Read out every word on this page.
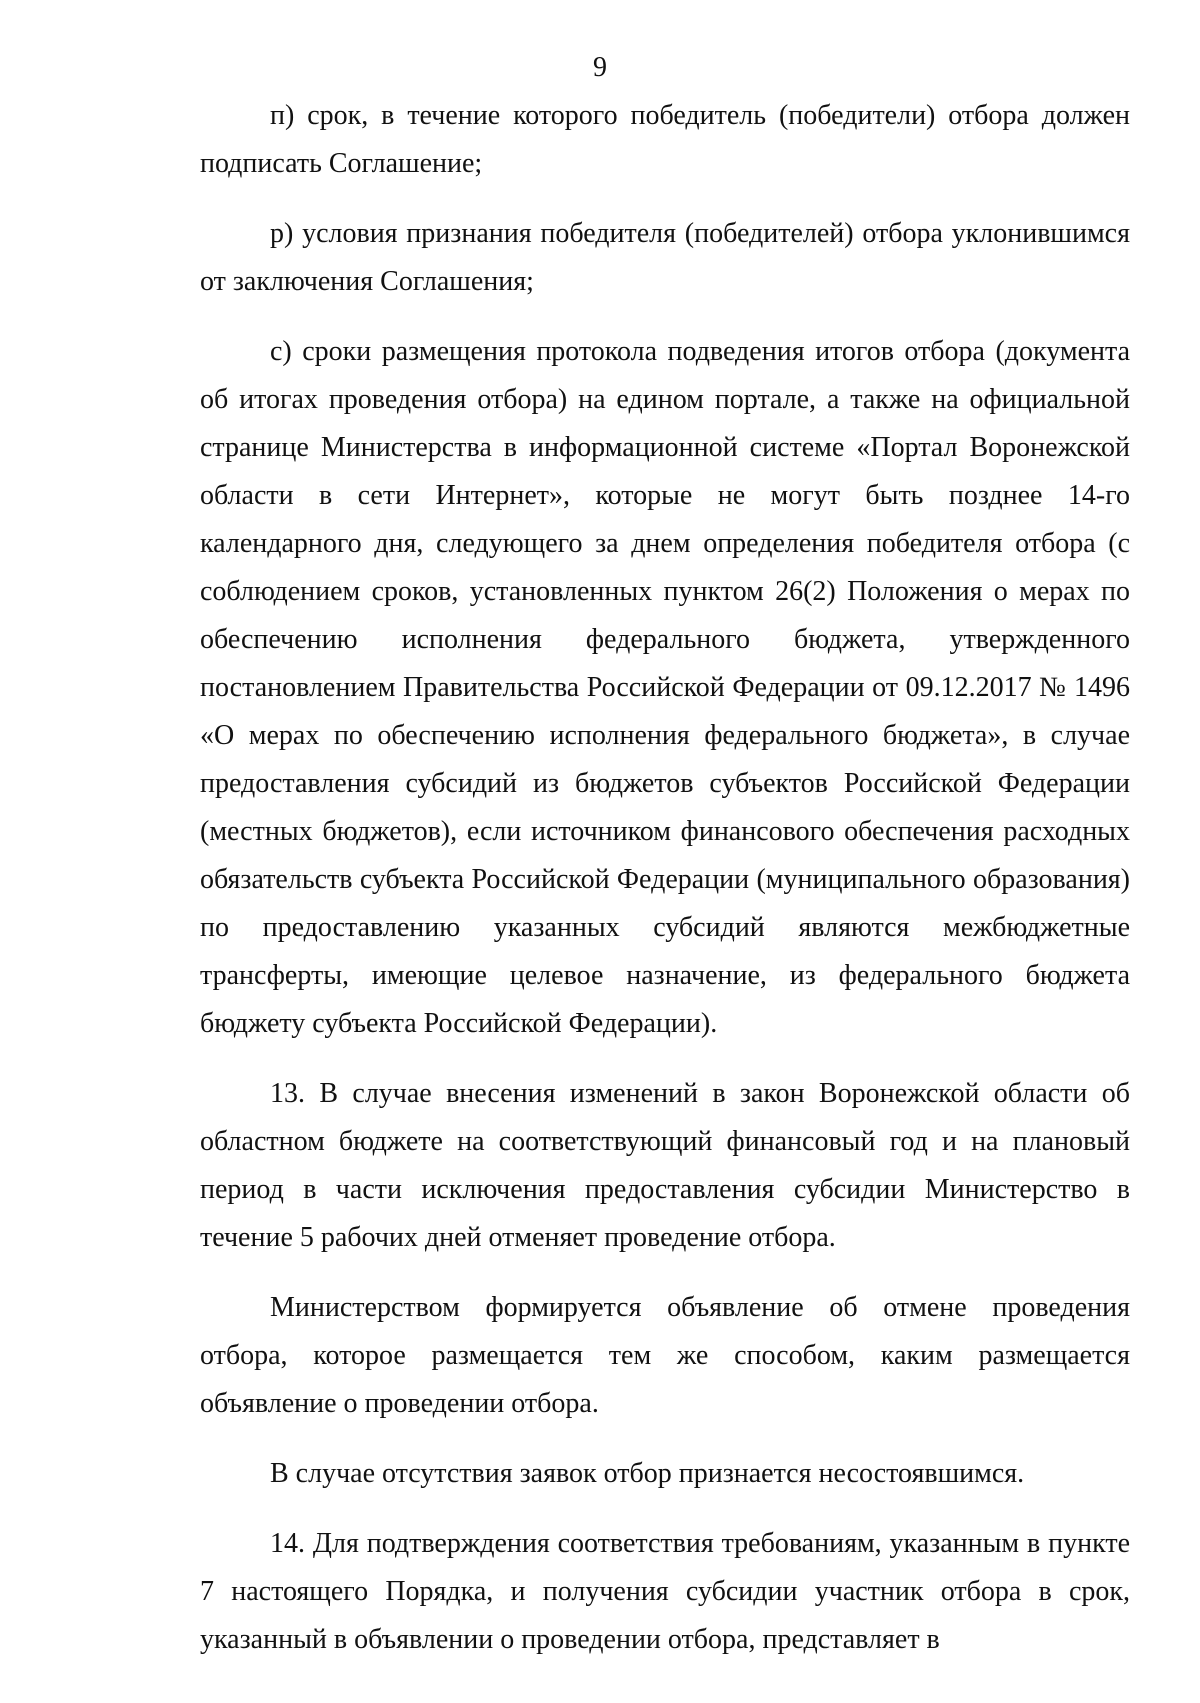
9

п) срок, в течение которого победитель (победители) отбора должен подписать Соглашение;

р) условия признания победителя (победителей) отбора уклонившимся от заключения Соглашения;

с) сроки размещения протокола подведения итогов отбора (документа об итогах проведения отбора) на едином портале, а также на официальной странице Министерства в информационной системе «Портал Воронежской области в сети Интернет», которые не могут быть позднее 14-го календарного дня, следующего за днем определения победителя отбора (с соблюдением сроков, установленных пунктом 26(2) Положения о мерах по обеспечению исполнения федерального бюджета, утвержденного постановлением Правительства Российской Федерации от 09.12.2017 № 1496 «О мерах по обеспечению исполнения федерального бюджета», в случае предоставления субсидий из бюджетов субъектов Российской Федерации (местных бюджетов), если источником финансового обеспечения расходных обязательств субъекта Российской Федерации (муниципального образования) по предоставлению указанных субсидий являются межбюджетные трансферты, имеющие целевое назначение, из федерального бюджета бюджету субъекта Российской Федерации).

13. В случае внесения изменений в закон Воронежской области об областном бюджете на соответствующий финансовый год и на плановый период в части исключения предоставления субсидии Министерство в течение 5 рабочих дней отменяет проведение отбора.

Министерством формируется объявление об отмене проведения отбора, которое размещается тем же способом, каким размещается объявление о проведении отбора.

В случае отсутствия заявок отбор признается несостоявшимся.

14. Для подтверждения соответствия требованиям, указанным в пункте 7 настоящего Порядка, и получения субсидии участник отбора в срок, указанный в объявлении о проведении отбора, представляет в
